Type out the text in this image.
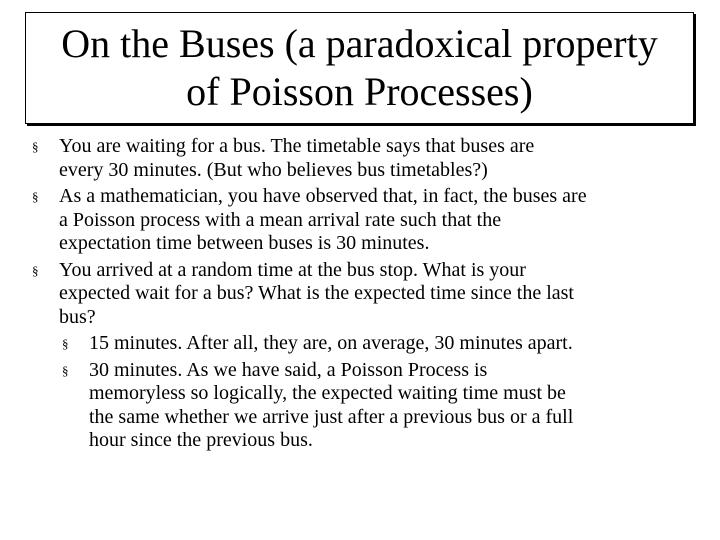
On the Buses (a paradoxical property
of Poisson Processes)
§ You are waiting for a bus. The timetable says that buses are
every 30 minutes. (But who believes bus timetables?)
§ As a mathematician, you have observed that, in fact, the buses are
a Poisson process with a mean arrival rate such that the
expectation time between buses is 30 minutes.
§ You arrived at a random time at the bus stop. What is your
expected wait for a bus? What is the expected time since the last
bus?
§ 15 minutes. After all, they are, on average, 30 minutes apart.
§ 30 minutes. As we have said, a Poisson Process is
memoryless so logically, the expected waiting time must be
the same whether we arrive just after a previous bus or a full
hour since the previous bus.
